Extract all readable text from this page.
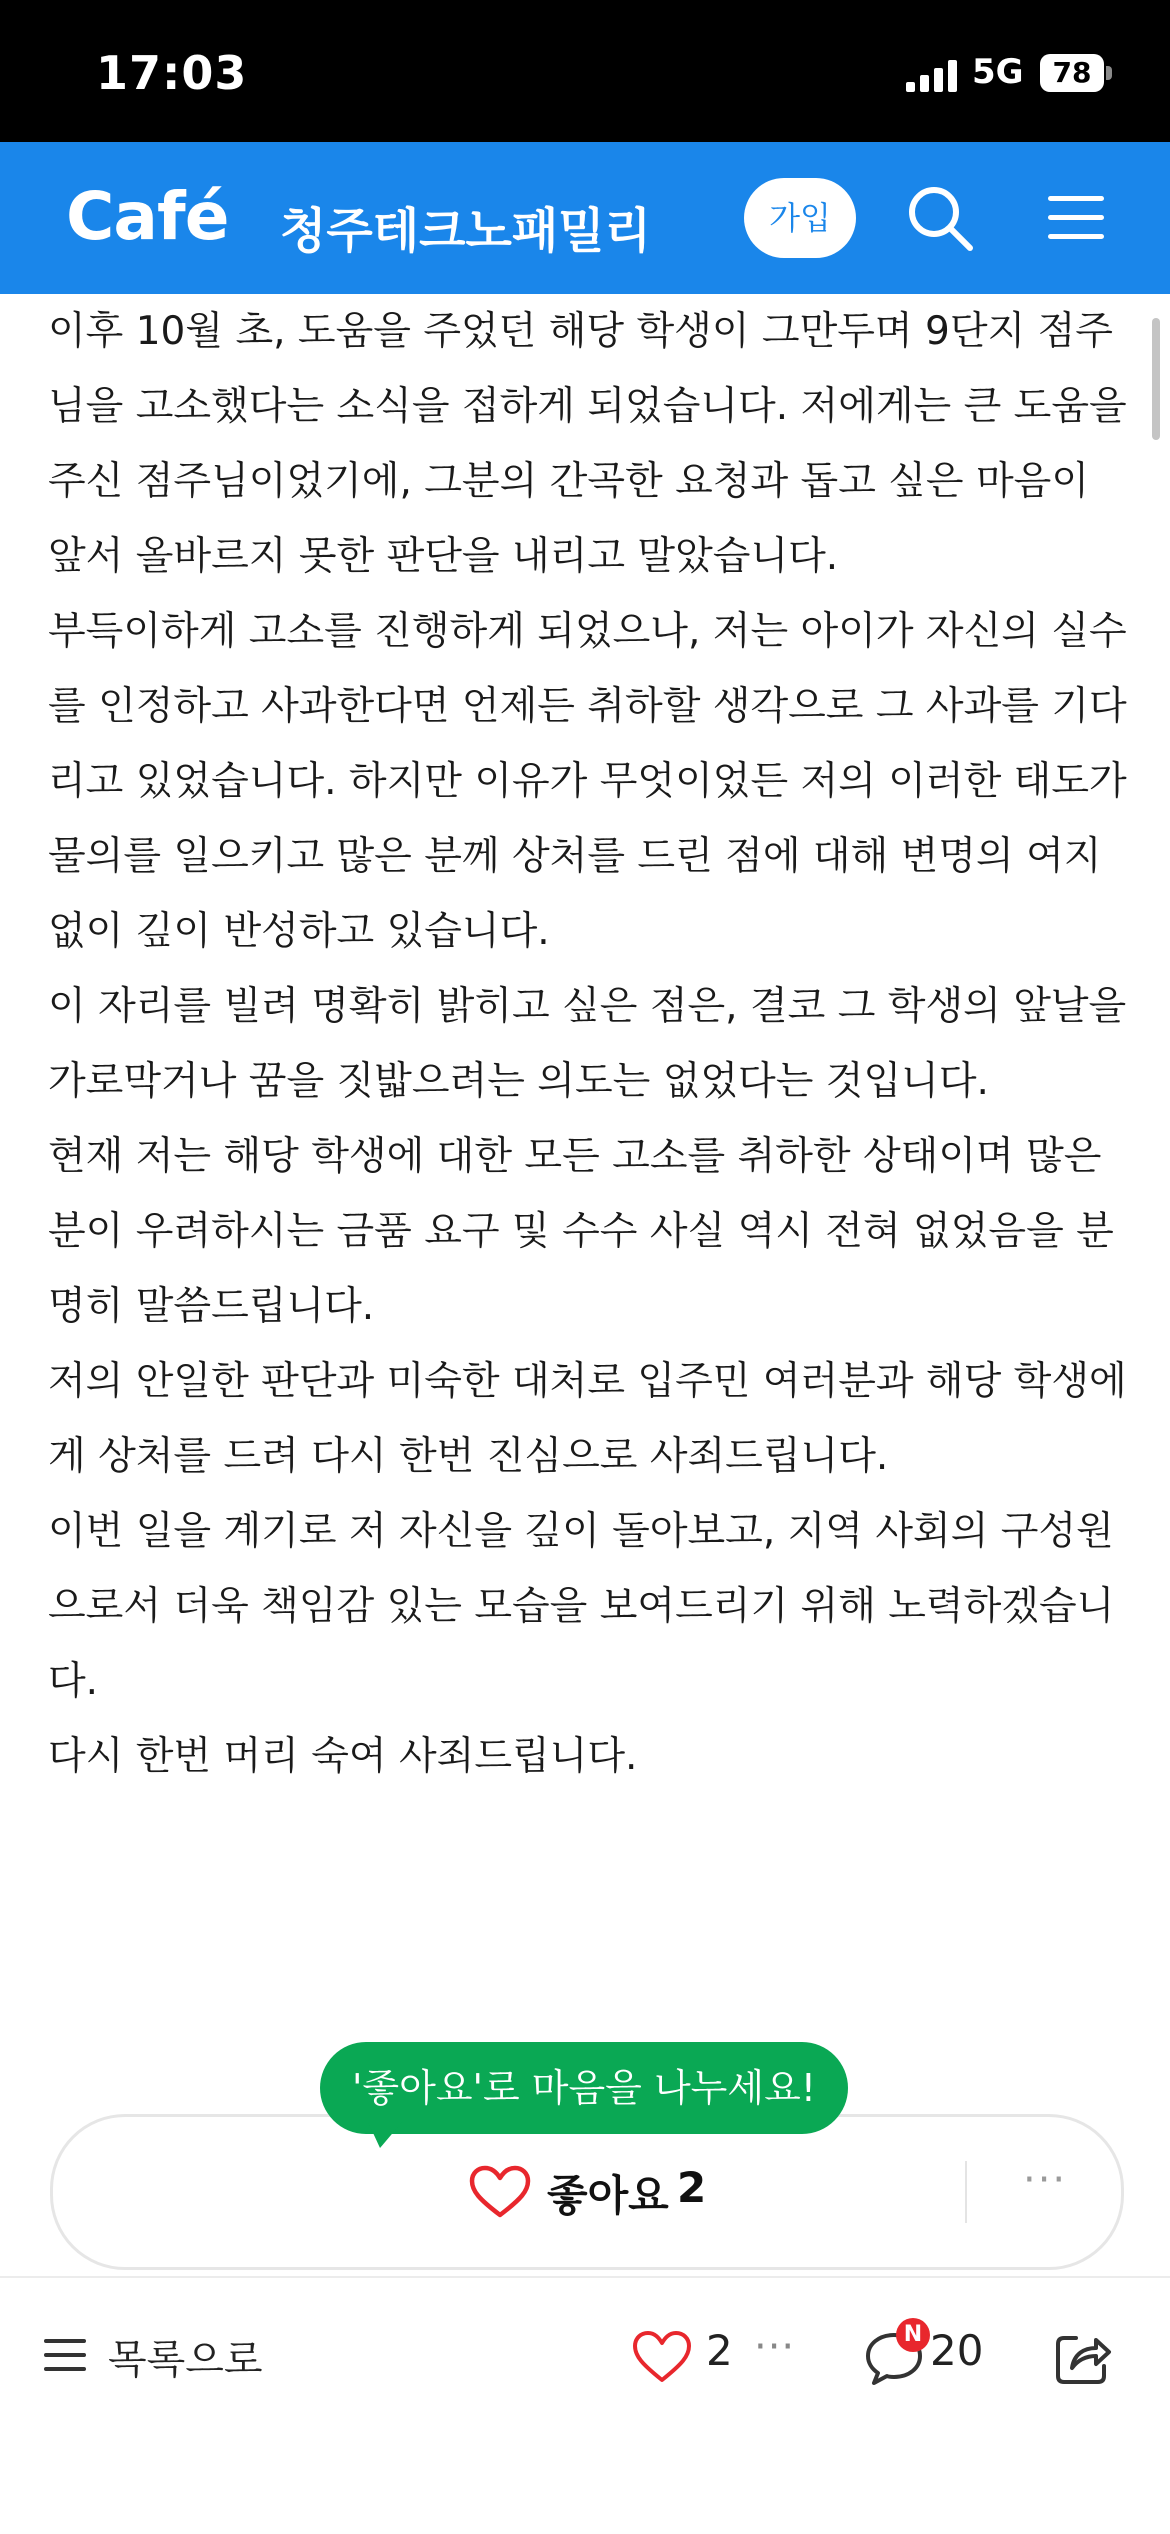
17:03	5G	78
Café 청주테크노패밀리	가입

이후 10월 초, 도움을 주었던 해당 학생이 그만두며 9단지 점주님을 고소했다는 소식을 접하게 되었습니다. 저에게는 큰 도움을 주신 점주님이었기에, 그분의 간곡한 요청과 돕고 싶은 마음이 앞서 올바르지 못한 판단을 내리고 말았습니다.

부득이하게 고소를 진행하게 되었으나, 저는 아이가 자신의 실수를 인정하고 사과한다면 언제든 취하할 생각으로 그 사과를 기다리고 있었습니다. 하지만 이유가 무엇이었든 저의 이러한 태도가 물의를 일으키고 많은 분께 상처를 드린 점에 대해 변명의 여지 없이 깊이 반성하고 있습니다.

이 자리를 빌려 명확히 밝히고 싶은 점은, 결코 그 학생의 앞날을 가로막거나 꿈을 짓밟으려는 의도는 없었다는 것입니다.

현재 저는 해당 학생에 대한 모든 고소를 취하한 상태이며 많은 분이 우려하시는 금품 요구 및 수수 사실 역시 전혀 없었음을 분명히 말씀드립니다.

저의 안일한 판단과 미숙한 대처로 입주민 여러분과 해당 학생에게 상처를 드려 다시 한번 진심으로 사죄드립니다.

이번 일을 계기로 저 자신을 깊이 돌아보고, 지역 사회의 구성원으로서 더욱 책임감 있는 모습을 보여드리기 위해 노력하겠습니다.

다시 한번 머리 숙여 사죄드립니다.

'좋아요'로 마음을 나누세요!
좋아요 2	···
목록으로	2 ···	N 20
